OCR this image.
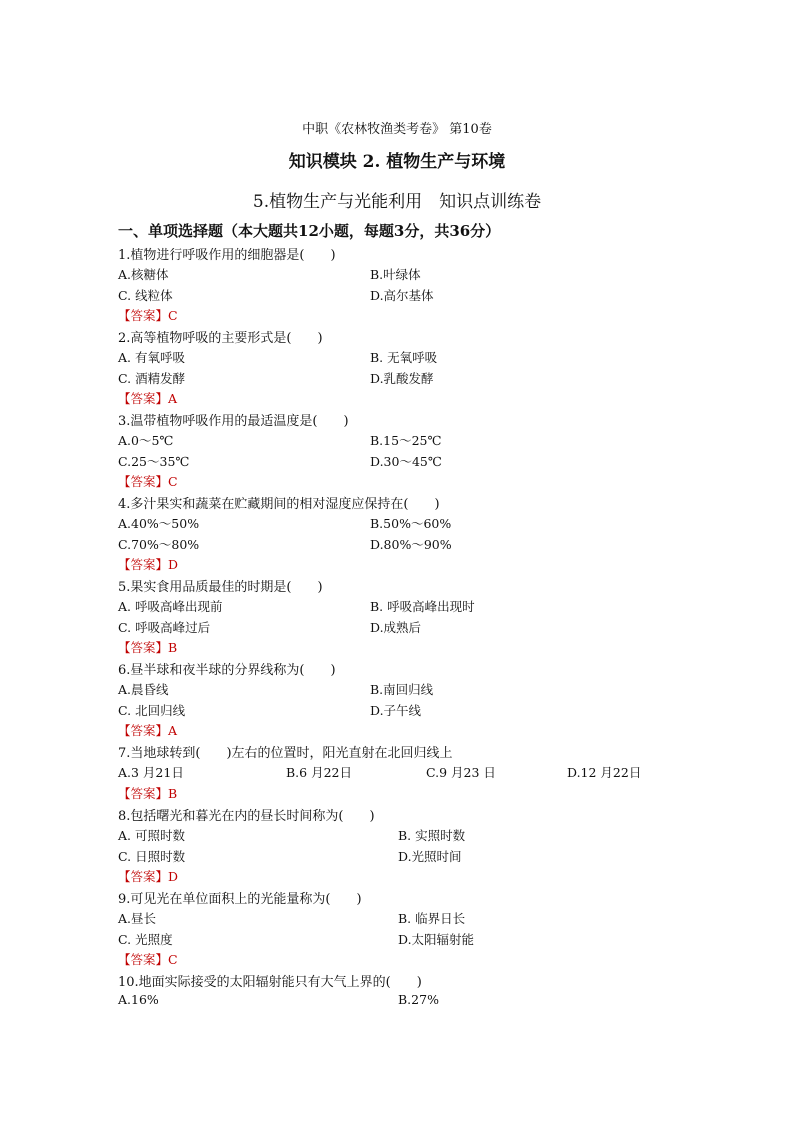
中职《农林牧渔类考卷》 第10卷
知识模块 2. 植物生产与环境
5.植物生产与光能利用　知识点训练卷
一、单项选择题（本大题共12小题，每题3分，共36分）
1.植物进行呼吸作用的细胞器是(　　)
A.核糖体	B.叶绿体
C. 线粒体	D.高尔基体
【答案】C
2.高等植物呼吸的主要形式是(　　)
A. 有氧呼吸	B. 无氧呼吸
C. 酒精发酵	D.乳酸发酵
【答案】A
3.温带植物呼吸作用的最适温度是(　　)
A.0～5℃	B.15～25℃
C.25～35℃	D.30～45℃
【答案】C
4.多汁果实和蔬菜在贮藏期间的相对湿度应保持在(　　)
A.40%～50%	B.50%～60%
C.70%～80%	D.80%～90%
【答案】D
5.果实食用品质最佳的时期是(　　)
A. 呼吸高峰出现前	B. 呼吸高峰出现时
C. 呼吸高峰过后	D.成熟后
【答案】B
6.昼半球和夜半球的分界线称为(　　)
A.晨昏线	B.南回归线
C. 北回归线	D.子午线
【答案】A
7.当地球转到(　　)左右的位置时，阳光直射在北回归线上
A.3 月21日	B.6 月22日	C.9 月23 日	D.12 月22日
【答案】B
8.包括曙光和暮光在内的昼长时间称为(　　)
A. 可照时数	B. 实照时数
C. 日照时数	D.光照时间
【答案】D
9.可见光在单位面积上的光能量称为(　　)
A.昼长	B. 临界日长
C. 光照度	D.太阳辐射能
【答案】C
10.地面实际接受的太阳辐射能只有大气上界的(　　)
A.16%	B.27%
